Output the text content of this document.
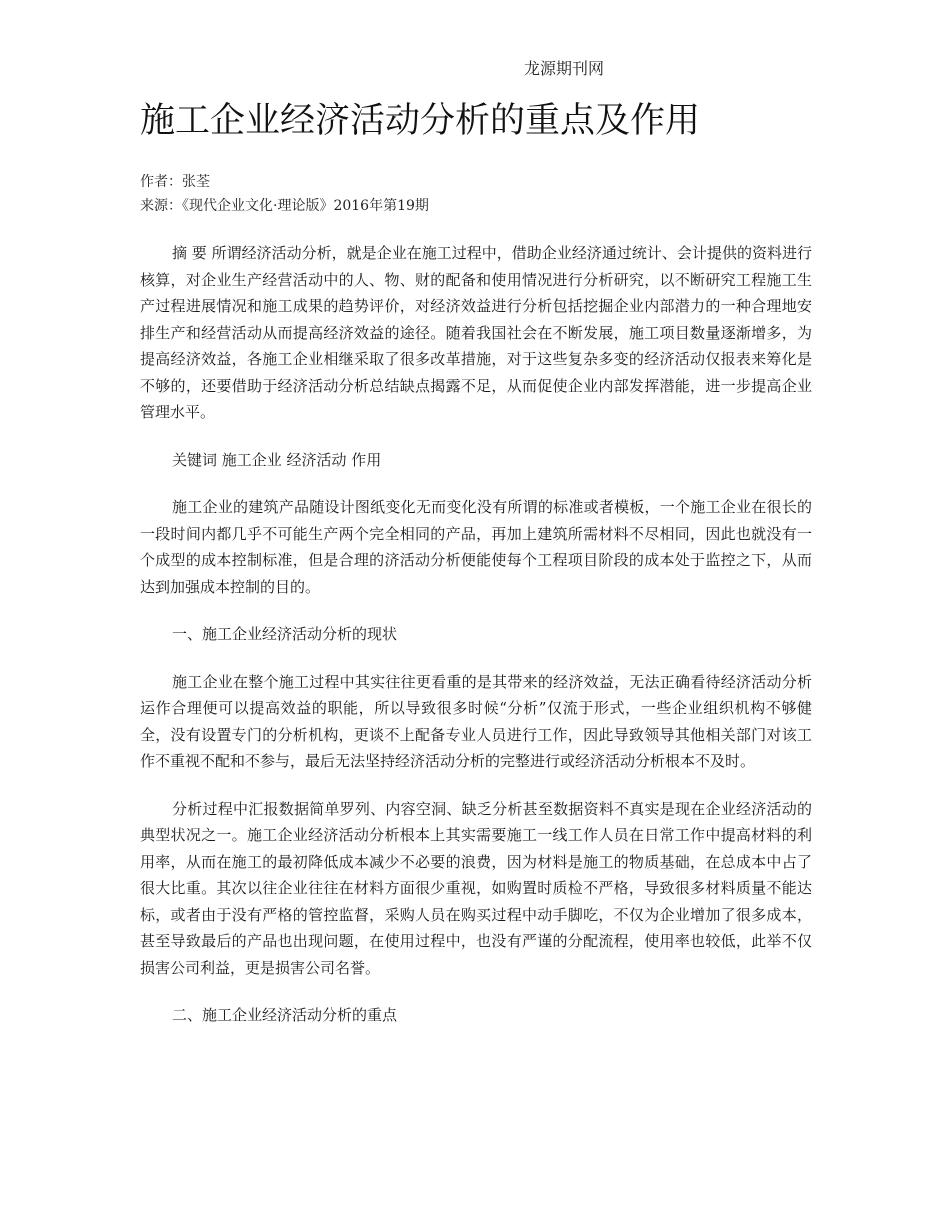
龙源期刊网
施工企业经济活动分析的重点及作用
作者：张荃
来源：《现代企业文化·理论版》2016年第19期

摘 要 所谓经济活动分析，就是企业在施工过程中，借助企业经济通过统计、会计提供的资料进行核算，对企业生产经营活动中的人、物、财的配备和使用情况进行分析研究，以不断研究工程施工生产过程进展情况和施工成果的趋势评价，对经济效益进行分析包括挖掘企业内部潜力的一种合理地安排生产和经营活动从而提高经济效益的途径。随着我国社会在不断发展，施工项目数量逐渐增多，为提高经济效益，各施工企业相继采取了很多改革措施，对于这些复杂多变的经济活动仅报表来筹化是不够的，还要借助于经济活动分析总结缺点揭露不足，从而促使企业内部发挥潜能，进一步提高企业管理水平。

关键词 施工企业 经济活动 作用

施工企业的建筑产品随设计图纸变化无而变化没有所谓的标准或者模板，一个施工企业在很长的一段时间内都几乎不可能生产两个完全相同的产品，再加上建筑所需材料不尽相同，因此也就没有一个成型的成本控制标准，但是合理的济活动分析便能使每个工程项目阶段的成本处于监控之下，从而达到加强成本控制的目的。

一、施工企业经济活动分析的现状

施工企业在整个施工过程中其实往往更看重的是其带来的经济效益，无法正确看待经济活动分析运作合理便可以提高效益的职能，所以导致很多时候“分析”仅流于形式，一些企业组织机构不够健全，没有设置专门的分析机构，更谈不上配备专业人员进行工作，因此导致领导其他相关部门对该工作不重视不配和不参与，最后无法坚持经济活动分析的完整进行或经济活动分析根本不及时。

分析过程中汇报数据简单罗列、内容空洞、缺乏分析甚至数据资料不真实是现在企业经济活动的典型状况之一。施工企业经济活动分析根本上其实需要施工一线工作人员在日常工作中提高材料的利用率，从而在施工的最初降低成本减少不必要的浪费，因为材料是施工的物质基础，在总成本中占了很大比重。其次以往企业往往在材料方面很少重视，如购置时质检不严格，导致很多材料质量不能达标，或者由于没有严格的管控监督，采购人员在购买过程中动手脚吃，不仅为企业增加了很多成本，甚至导致最后的产品也出现问题，在使用过程中，也没有严谨的分配流程，使用率也较低，此举不仅损害公司利益，更是损害公司名誉。

二、施工企业经济活动分析的重点
